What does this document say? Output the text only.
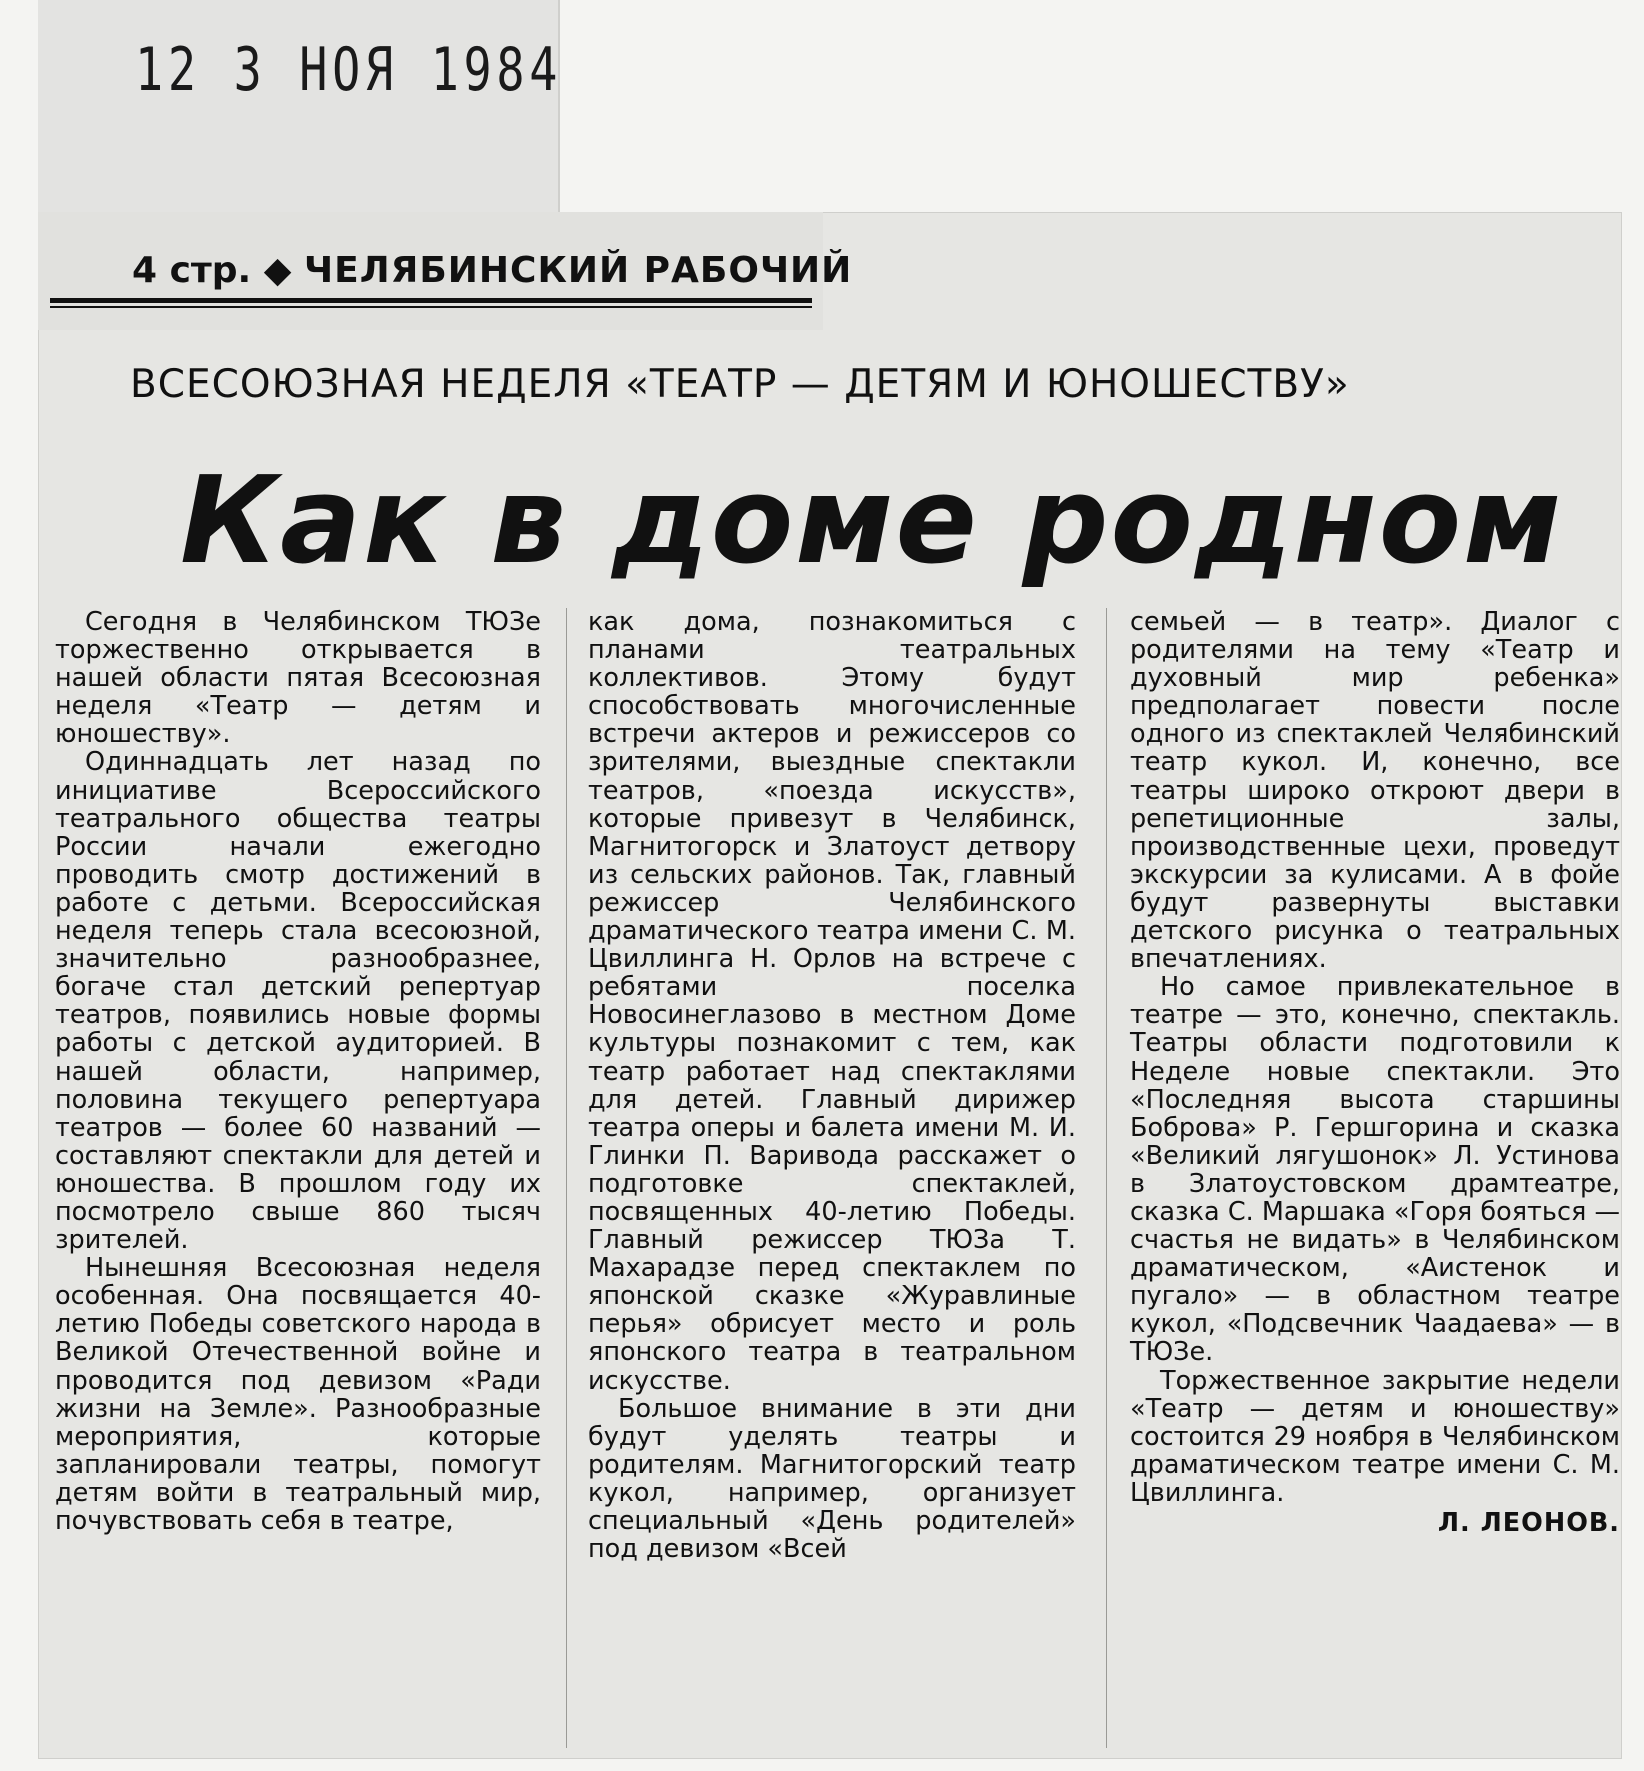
12 3 НОЯ 1984
4 стр. ◆ ЧЕЛЯБИНСКИЙ РАБОЧИЙ
ВСЕСОЮЗНАЯ НЕДЕЛЯ «ТЕАТР — ДЕТЯМ И ЮНОШЕСТВУ»
Как в доме родном

Сегодня в Челябинском ТЮЗе торжественно открывается в нашей области пятая Всесоюзная неделя «Театр — детям и юношеству».

Одиннадцать лет назад по инициативе Всероссийского театрального общества театры России начали ежегодно проводить смотр достижений в работе с детьми. Всероссийская неделя теперь стала всесоюзной, значительно разнообразнее, богаче стал детский репертуар театров, появились новые формы работы с детской аудиторией. В нашей области, например, половина текущего репертуара театров — более 60 названий — составляют спектакли для детей и юношества. В прошлом году их посмотрело свыше 860 тысяч зрителей.

Нынешняя Всесоюзная неделя особенная. Она посвящается 40-летию Победы советского народа в Великой Отечественной войне и проводится под девизом «Ради жизни на Земле». Разнообразные мероприятия, которые запланировали театры, помогут детям войти в театральный мир, почувствовать себя в театре,

как дома, познакомиться с планами театральных коллективов. Этому будут способствовать многочисленные встречи актеров и режиссеров со зрителями, выездные спектакли театров, «поезда искусств», которые привезут в Челябинск, Магнитогорск и Златоуст детвору из сельских районов. Так, главный режиссер Челябинского драматического театра имени С. М. Цвиллинга Н. Орлов на встрече с ребятами поселка Новосинеглазово в местном Доме культуры познакомит с тем, как театр работает над спектаклями для детей. Главный дирижер театра оперы и балета имени М. И. Глинки П. Варивода расскажет о подготовке спектаклей, посвященных 40-летию Победы. Главный режиссер ТЮЗа Т. Махарадзе перед спектаклем по японской сказке «Журавлиные перья» обрисует место и роль японского театра в театральном искусстве.

Большое внимание в эти дни будут уделять театры и родителям. Магнитогорский театр кукол, например, организует специальный «День родителей» под девизом «Всей

семьей — в театр». Диалог с родителями на тему «Театр и духовный мир ребенка» предполагает повести после одного из спектаклей Челябинский театр кукол. И, конечно, все театры широко откроют двери в репетиционные залы, производственные цехи, проведут экскурсии за кулисами. А в фойе будут развернуты выставки детского рисунка о театральных впечатлениях.

Но самое привлекательное в театре — это, конечно, спектакль. Театры области подготовили к Неделе новые спектакли. Это «Последняя высота старшины Боброва» Р. Гершгорина и сказка «Великий лягушонок» Л. Устинова в Златоустовском драмтеатре, сказка С. Маршака «Горя бояться — счастья не видать» в Челябинском драматическом, «Аистенок и пугало» — в областном театре кукол, «Подсвечник Чаадаева» — в ТЮЗе.

Торжественное закрытие недели «Театр — детям и юношеству» состоится 29 ноября в Челябинском драматическом театре имени С. М. Цвиллинга.

Л. ЛЕОНОВ.
